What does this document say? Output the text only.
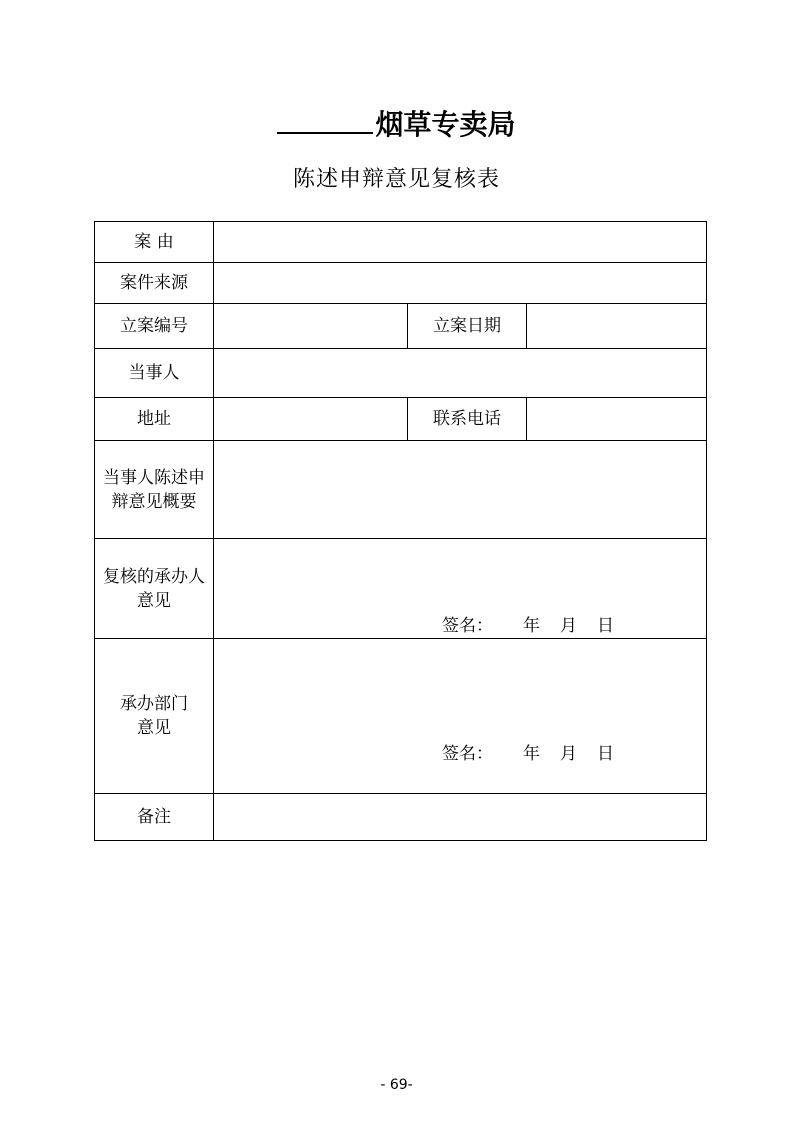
烟草专卖局
陈述申辩意见复核表
案 由			
案件来源			
立案编号		立案日期	
当事人			
地址		联系电话	
当事人陈述申辩意见概要			
复核的承办人意见	签名： 年 月 日		

承办部门意见	签名： 年 月 日		

备注			
- 69-
